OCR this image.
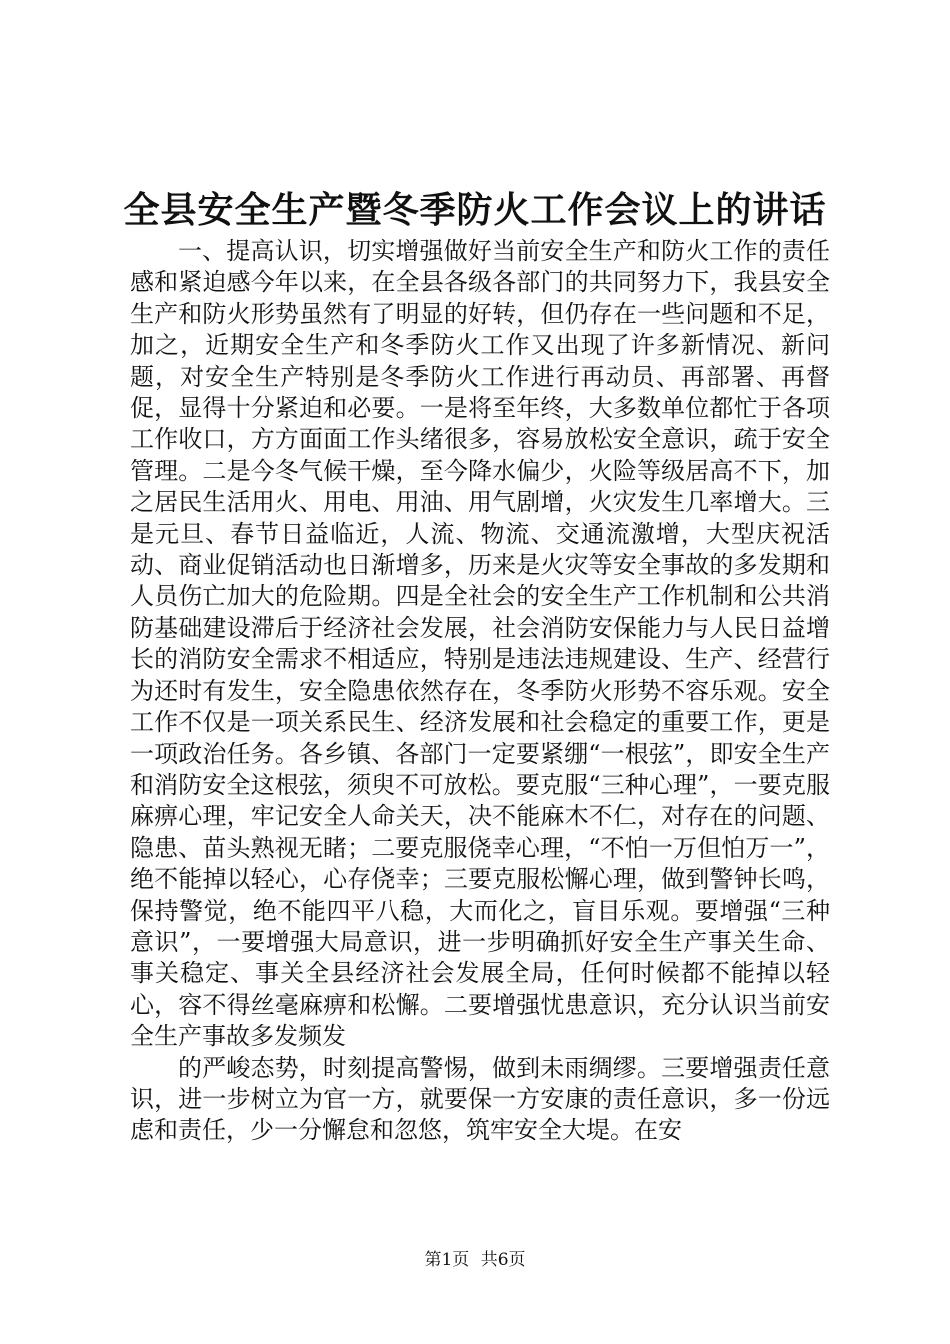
全县安全生产暨冬季防火工作会议上的讲话

一、提高认识，切实增强做好当前安全生产和防火工作的责任感和紧迫感今年以来，在全县各级各部门的共同努力下，我县安全生产和防火形势虽然有了明显的好转，但仍存在一些问题和不足，加之，近期安全生产和冬季防火工作又出现了许多新情况、新问题，对安全生产特别是冬季防火工作进行再动员、再部署、再督促，显得十分紧迫和必要。一是将至年终，大多数单位都忙于各项工作收口，方方面面工作头绪很多，容易放松安全意识，疏于安全管理。二是今冬气候干燥，至今降水偏少，火险等级居高不下，加之居民生活用火、用电、用油、用气剧增，火灾发生几率增大。三是元旦、春节日益临近，人流、物流、交通流激增，大型庆祝活动、商业促销活动也日渐增多，历来是火灾等安全事故的多发期和人员伤亡加大的危险期。四是全社会的安全生产工作机制和公共消防基础建设滞后于经济社会发展，社会消防安保能力与人民日益增长的消防安全需求不相适应，特别是违法违规建设、生产、经营行为还时有发生，安全隐患依然存在，冬季防火形势不容乐观。安全工作不仅是一项关系民生、经济发展和社会稳定的重要工作，更是一项政治任务。各乡镇、各部门一定要紧绷“一根弦”，即安全生产和消防安全这根弦，须臾不可放松。要克服“三种心理”，一要克服麻痹心理，牢记安全人命关天，决不能麻木不仁，对存在的问题、隐患、苗头熟视无睹；二要克服侥幸心理，“不怕一万但怕万一”，绝不能掉以轻心，心存侥幸；三要克服松懈心理，做到警钟长鸣，保持警觉，绝不能四平八稳，大而化之，盲目乐观。要增强“三种意识”，一要增强大局意识，进一步明确抓好安全生产事关生命、事关稳定、事关全县经济社会发展全局，任何时候都不能掉以轻心，容不得丝毫麻痹和松懈。二要增强忧患意识，充分认识当前安全生产事故多发频发

的严峻态势，时刻提高警惕，做到未雨绸缪。三要增强责任意识，进一步树立为官一方，就要保一方安康的责任意识，多一份远虑和责任，少一分懈怠和忽悠，筑牢安全大堤。在安

第1页 共6页
